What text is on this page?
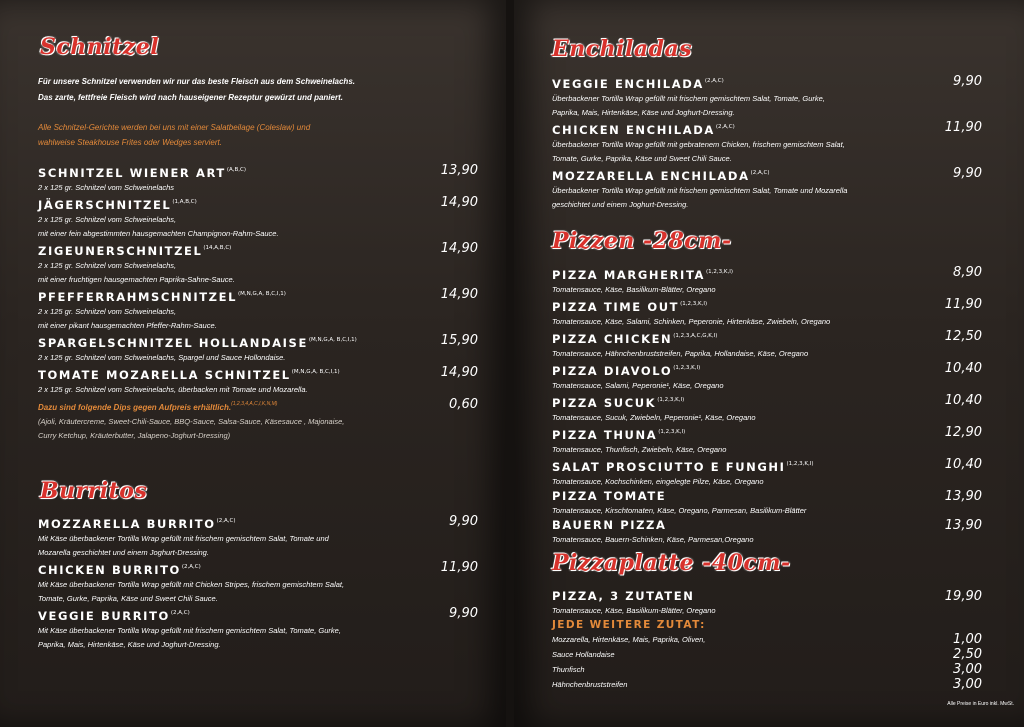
Schnitzel
Für unsere Schnitzel verwenden wir nur das beste Fleisch aus dem Schweinelachs.
Das zarte, fettfreie Fleisch wird nach hauseigener Rezeptur gewürzt und paniert.
Alle Schnitzel-Gerichte werden bei uns mit einer Salatbeilage (Coleslaw) und
wahlweise Steakhouse Frites oder Wedges serviert.
SCHNITZEL WIENER $ART^{(A,B,C)}$	13,90
2 x 125 gr. Schnitzel vom Schweinelachs
$JÄGERSCHNITZEL^{(1,A,B,C)}$	14,90
2 x 125 gr. Schnitzel vom Schweinelachs,
mit einer fein abgestimmten hausgemachten Champignon-Rahm-Sauce.
$ZIGEUNERSCHNITZEL^{(14,A,B,C)}$	14,90
2 x 125 gr. Schnitzel vom Schweinelachs,
mit einer fruchtigen hausgemachten Paprika-Sahne-Sauce.
$PFEFFERRAHMSCHNITZEL^{(M,N,G,A, B,C,I,1)}$	14,90
2 x 125 gr. Schnitzel vom Schweinelachs,
mit einer pikant hausgemachten Pfeffer-Rahm-Sauce.
SPARGELSCHNITZEL $HOLLANDAISE^{(M,N,G,A, B,C,I,1)}$	15,90
2 x 125 gr. Schnitzel vom Schweinelachs, Spargel und Sauce Hollondaise.
TOMATE MOZARELLA $SCHNITZEL^{(M,N,G,A, B,C,I,1)}$	14,90
2 x 125 gr. Schnitzel vom Schweinelachs, überbacken mit Tomate und Mozarella.
Dazu sind folgende Dips gegen Aufpreis erhältlich.$^{(1,2,3,4,A,C,I,K,N,M)}$	0,60
(Ajoli, Kräutercreme, Sweet-Chili-Sauce, BBQ-Sauce, Salsa-Sauce, Käsesauce , Majonaise,
Curry Ketchup, Kräuterbutter, Jalapeno-Joghurt-Dressing)
Burritos
MOZZARELLA $BURRITO^{(2,A,C)}$	9,90
Mit Käse überbackener Tortilla Wrap gefüllt mit frischem gemischtem Salat, Tomate und
Mozarella geschichtet und einem Joghurt-Dressing.
CHICKEN $BURRITO^{(2,A,C)}$	11,90
Mit Käse überbackener Tortilla Wrap gefüllt mit Chicken Stripes, frischem gemischtem Salat,
Tomate, Gurke, Paprika, Käse und Sweet Chili Sauce.
VEGGIE $BURRITO^{(2,A,C)}$	9,90
Mit Käse überbackener Tortilla Wrap gefüllt mit frischem gemischtem Salat, Tomate, Gurke,
Paprika, Mais, Hirtenkäse, Käse und Joghurt-Dressing.
Enchiladas
VEGGIE $ENCHILADA^{(2,A,C)}$	9,90
Überbackener Tortilla Wrap gefüllt mit frischem gemischtem Salat, Tomate, Gurke,
Paprika, Mais, Hirtenkäse, Käse und Joghurt-Dressing.
CHICKEN $ENCHILADA^{(2,A,C)}$	11,90
Überbackener Tortilla Wrap gefüllt mit gebratenem Chicken, frischem gemischtem Salat,
Tomate, Gurke, Paprika, Käse und Sweet Chili Sauce.
MOZZARELLA $ENCHILADA^{(2,A,C)}$	9,90
Überbackener Tortilla Wrap gefüllt mit frischem gemischtem Salat, Tomate und Mozarella
geschichtet und einem Joghurt-Dressing.
Pizzen -28cm-
PIZZA $MARGHERITA^{(1,2,3,K,I)}$	8,90
Tomatensauce, Käse, Basilikum-Blätter, Oregano
PIZZA TIME $OUT^{(1,2,3,K,I)}$	11,90
Tomatensauce, Käse, Salami, Schinken, Peperonie, Hirtenkäse, Zwiebeln, Oregano
PIZZA $CHICKEN^{(1,2,3,A,C,G,K,I)}$	12,50
Tomatensauce, Hähnchenbruststreifen, Paprika, Hollandaise, Käse, Oregano
PIZZA $DIAVOLO^{(1,2,3,K,I)}$	10,40
Tomatensauce, Salami, Peperonie¹, Käse, Oregano
PIZZA $SUCUK^{(1,2,3,K,I)}$	10,40
Tomatensauce, Sucuk, Zwiebeln, Peperonie¹, Käse, Oregano
PIZZA $THUNA^{(1,2,3,K,I)}$	12,90
Tomatensauce, Thunfisch, Zwiebeln, Käse, Oregano
SALAT PROSCIUTTO E $FUNGHI^{(1,2,3,K,I)}$	10,40
Tomatensauce, Kochschinken, eingelegte Pilze, Käse, Oregano
PIZZA TOMATE	13,90
Tomatensauce, Kirschtomaten, Käse, Oregano, Parmesan, Basilikum-Blätter
BAUERN PIZZA	13,90
Tomatensauce, Bauern-Schinken, Käse, Parmesan,Oregano
Pizzaplatte -40cm-
PIZZA, 3 ZUTATEN	19,90
Tomatensauce, Käse, Basilikum-Blätter, Oregano
JEDE WEITERE ZUTAT:
Mozzarella, Hirtenkäse, Mais, Paprika, Oliven,	1,00
Sauce Hollandaise	2,50
Thunfisch	3,00
Hähnchenbruststreifen	3,00
Alle Preise in Euro inkl. MwSt.
